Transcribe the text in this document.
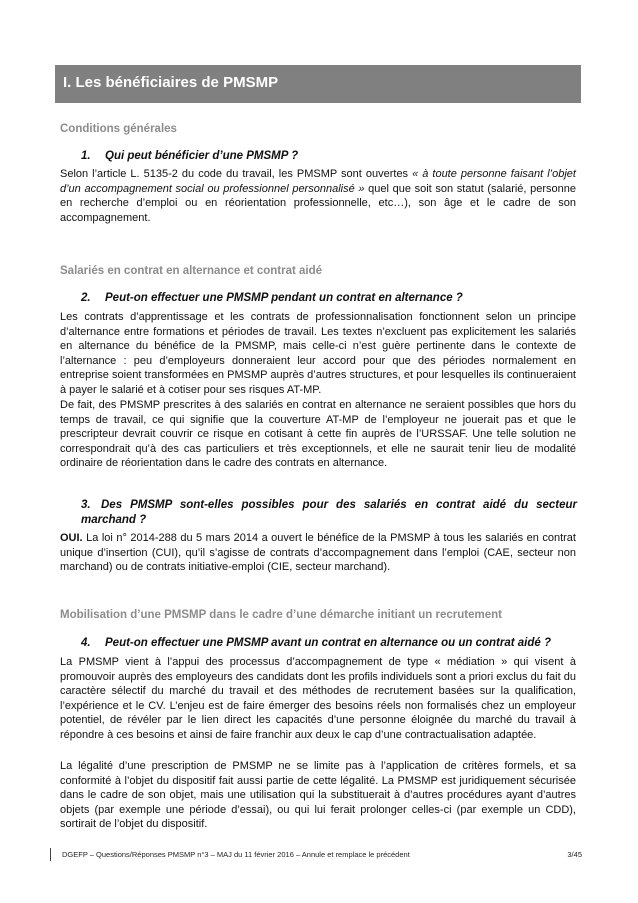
I. Les bénéficiaires de PMSMP
Conditions générales
1. Qui peut bénéficier d’une PMSMP ?
Selon l’article L. 5135-2 du code du travail, les PMSMP sont ouvertes « à toute personne faisant l’objet d’un accompagnement social ou professionnel personnalisé » quel que soit son statut (salarié, personne en recherche d’emploi ou en réorientation professionnelle, etc…), son âge et le cadre de son accompagnement.
Salariés en contrat en alternance et contrat aidé
2. Peut-on effectuer une PMSMP pendant un contrat en alternance ?
Les contrats d’apprentissage et les contrats de professionnalisation fonctionnent selon un principe d’alternance entre formations et périodes de travail. Les textes n’excluent pas explicitement les salariés en alternance du bénéfice de la PMSMP, mais celle-ci n’est guère pertinente dans le contexte de l’alternance : peu d’employeurs donneraient leur accord pour que des périodes normalement en entreprise soient transformées en PMSMP auprès d’autres structures, et pour lesquelles ils continueraient à payer le salarié et à cotiser pour ses risques AT-MP.
De fait, des PMSMP prescrites à des salariés en contrat en alternance ne seraient possibles que hors du temps de travail, ce qui signifie que la couverture AT-MP de l’employeur ne jouerait pas et que le prescripteur devrait couvrir ce risque en cotisant à cette fin auprès de l’URSSAF. Une telle solution ne correspondrait qu’à des cas particuliers et très exceptionnels, et elle ne saurait tenir lieu de modalité ordinaire de réorientation dans le cadre des contrats en alternance.
3. Des PMSMP sont-elles possibles pour des salariés en contrat aidé du secteur marchand ?
OUI. La loi n° 2014-288 du 5 mars 2014 a ouvert le bénéfice de la PMSMP à tous les salariés en contrat unique d’insertion (CUI), qu’il s’agisse de contrats d’accompagnement dans l’emploi (CAE, secteur non marchand) ou de contrats initiative-emploi (CIE, secteur marchand).
Mobilisation d’une PMSMP dans le cadre d’une démarche initiant un recrutement
4. Peut-on effectuer une PMSMP avant un contrat en alternance ou un contrat aidé ?
La PMSMP vient à l’appui des processus d’accompagnement de type « médiation » qui visent à promouvoir auprès des employeurs des candidats dont les profils individuels sont a priori exclus du fait du caractère sélectif du marché du travail et des méthodes de recrutement basées sur la qualification, l’expérience et le CV. L’enjeu est de faire émerger des besoins réels non formalisés chez un employeur potentiel, de révéler par le lien direct les capacités d’une personne éloignée du marché du travail à répondre à ces besoins et ainsi de faire franchir aux deux le cap d’une contractualisation adaptée.
La légalité d’une prescription de PMSMP ne se limite pas à l’application de critères formels, et sa conformité à l’objet du dispositif fait aussi partie de cette légalité. La PMSMP est juridiquement sécurisée dans le cadre de son objet, mais une utilisation qui la substituerait à d’autres procédures ayant d’autres objets (par exemple une période d’essai), ou qui lui ferait prolonger celles-ci (par exemple un CDD), sortirait de l’objet du dispositif.
DGEFP – Questions/Réponses PMSMP n°3 – MAJ du 11 février 2016 – Annule et remplace le précédent	3/45
